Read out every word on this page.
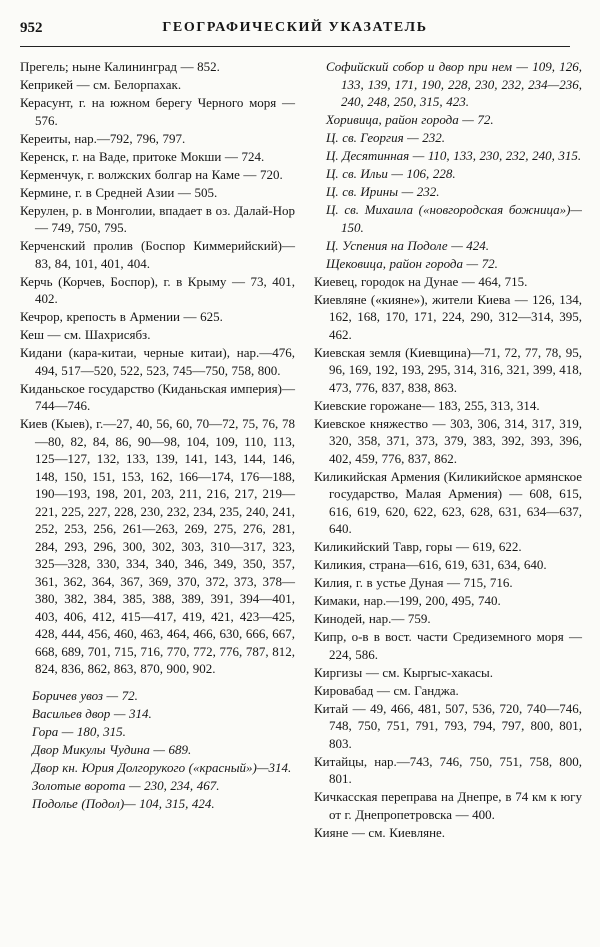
952	ГЕОГРАФИЧЕСКИЙ УКАЗАТЕЛЬ

Прегель; ныне Калининград — 852.

Кеприкей — см. Белорпахак.

Керасунт, г. на южном берегу Черного моря — 576.

Кереиты, нар.—792, 796, 797.

Керенск, г. на Ваде, притоке Мокши — 724.

Керменчук, г. волжских болгар на Каме — 720.

Кермине, г. в Средней Азии — 505.

Керулен, р. в Монголии, впадает в оз. Далай-Нор — 749, 750, 795.

Керченский пролив (Боспор Киммерийский)—83, 84, 101, 401, 404.

Керчь (Корчев, Боспор), г. в Крыму — 73, 401, 402.

Кечрор, крепость в Армении — 625.

Кеш — см. Шахрисябз.

Кидани (кара-китаи, черные китаи), нар.—476, 494, 517—520, 522, 523, 745—750, 758, 800.

Киданьское государство (Киданьская империя)— 744—746.

Киев (Кыев), г.—27, 40, 56, 60, 70—72, 75, 76, 78—80, 82, 84, 86, 90—98, 104, 109, 110, 113, 125—127, 132, 133, 139, 141, 143, 144, 146, 148, 150, 151, 153, 162, 166—174, 176—188, 190—193, 198, 201, 203, 211, 216, 217, 219—221, 225, 227, 228, 230, 232, 234, 235, 240, 241, 252, 253, 256, 261—263, 269, 275, 276, 281, 284, 293, 296, 300, 302, 303, 310—317, 323, 325—328, 330, 334, 340, 346, 349, 350, 357, 361, 362, 364, 367, 369, 370, 372, 373, 378—380, 382, 384, 385, 388, 389, 391, 394—401, 403, 406, 412, 415—417, 419, 421, 423—425, 428, 444, 456, 460, 463, 464, 466, 630, 666, 667, 668, 689, 701, 715, 716, 770, 772, 776, 787, 812, 824, 836, 862, 863, 870, 900, 902.

Боричев увоз — 72.

Васильев двор — 314.

Гора — 180, 315.

Двор Микулы Чудина — 689.

Двор кн. Юрия Долгорукого («красный»)—314.

Золотые ворота — 230, 234, 467.

Подолье (Подол)— 104, 315, 424.

Софийский собор и двор при нем — 109, 126, 133, 139, 171, 190, 228, 230, 232, 234—236, 240, 248, 250, 315, 423.

Хоривица, район города — 72.

Ц. св. Георгия — 232.

Ц. Десятинная — 110, 133, 230, 232, 240, 315.

Ц. св. Ильи — 106, 228.

Ц. св. Ирины — 232.

Ц. св. Михаила («новгородская божница»)— 150.

Ц. Успения на Подоле — 424.

Щековица, район города — 72.

Киевец, городок на Дунае — 464, 715.

Киевляне («кияне»), жители Киева — 126, 134, 162, 168, 170, 171, 224, 290, 312—314, 395, 462.

Киевская земля (Киевщина)—71, 72, 77, 78, 95, 96, 169, 192, 193, 295, 314, 316, 321, 399, 418, 473, 776, 837, 838, 863.

Киевские горожане— 183, 255, 313, 314.

Киевское княжество — 303, 306, 314, 317, 319, 320, 358, 371, 373, 379, 383, 392, 393, 396, 402, 459, 776, 837, 862.

Киликийская Армения (Киликийское армянское государство, Малая Армения) — 608, 615, 616, 619, 620, 622, 623, 628, 631, 634—637, 640.

Киликийский Тавр, горы — 619, 622.

Киликия, страна—616, 619, 631, 634, 640.

Килия, г. в устье Дуная — 715, 716.

Кимаки, нар.—199, 200, 495, 740.

Кинодей, нар.— 759.

Кипр, о-в в вост. части Средиземного моря — 224, 586.

Киргизы — см. Кыргыс-хакасы.

Кировабад — см. Ганджа.

Китай — 49, 466, 481, 507, 536, 720, 740—746, 748, 750, 751, 791, 793, 794, 797, 800, 801, 803.

Китайцы, нар.—743, 746, 750, 751, 758, 800, 801.

Кичкасская переправа на Днепре, в 74 км к югу от г. Днепропетровска — 400.

Кияне — см. Киевляне.
